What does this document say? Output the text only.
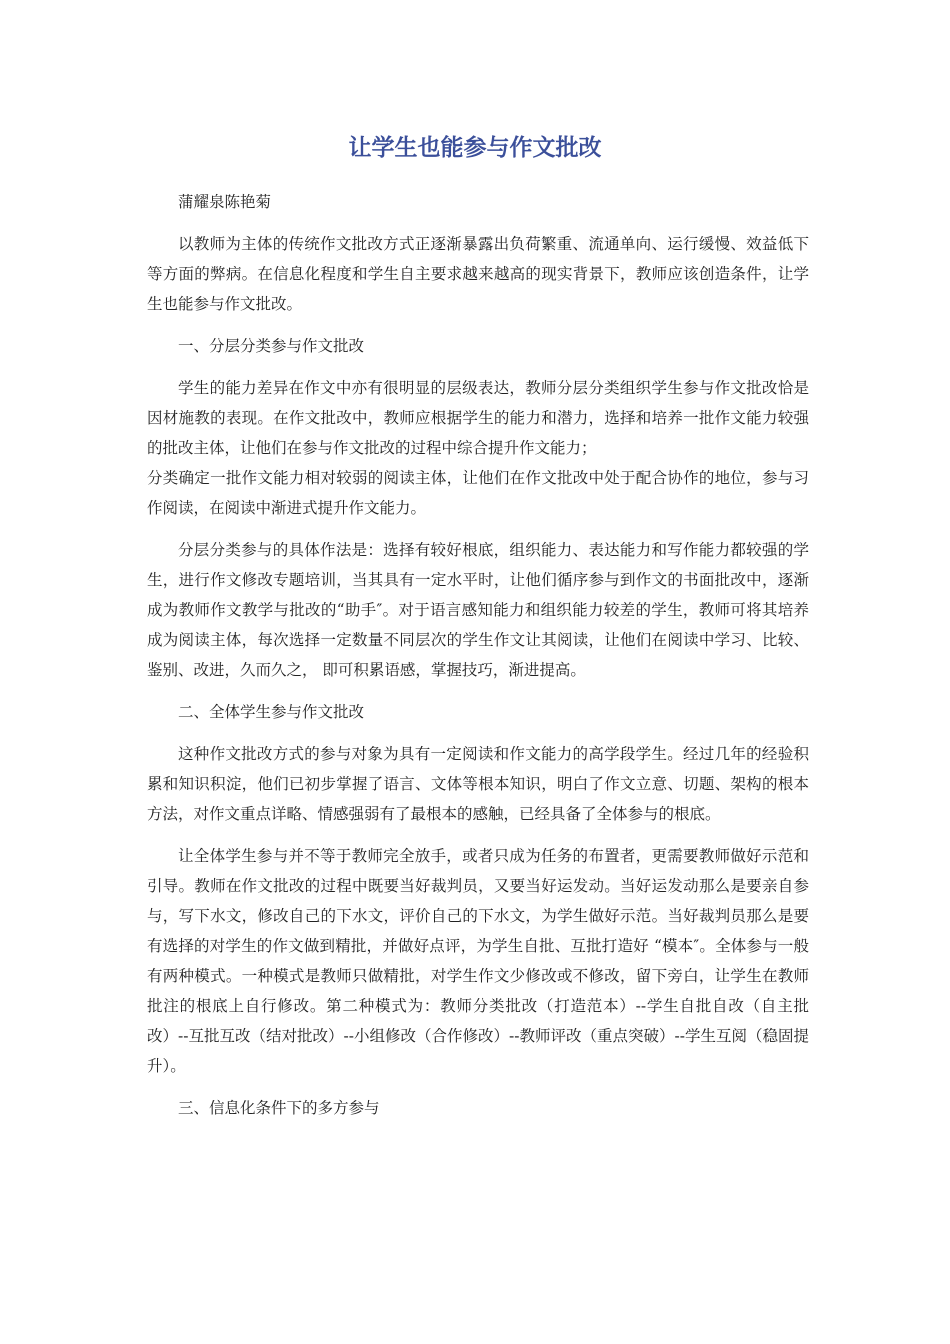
让学生也能参与作文批改

蒲耀泉陈艳菊

以教师为主体的传统作文批改方式正逐渐暴露出负荷繁重、流通单向、运行缓慢、效益低下等方面的弊病。在信息化程度和学生自主要求越来越高的现实背景下，教师应该创造条件，让学生也能参与作文批改。

一、分层分类参与作文批改

学生的能力差异在作文中亦有很明显的层级表达，教师分层分类组织学生参与作文批改恰是因材施教的表现。在作文批改中，教师应根据学生的能力和潜力，选择和培养一批作文能力较强的批改主体，让他们在参与作文批改的过程中综合提升作文能力；

分类确定一批作文能力相对较弱的阅读主体，让他们在作文批改中处于配合协作的地位，参与习作阅读，在阅读中渐进式提升作文能力。

分层分类参与的具体作法是：选择有较好根底，组织能力、表达能力和写作能力都较强的学生，进行作文修改专题培训，当其具有一定水平时，让他们循序参与到作文的书面批改中，逐渐成为教师作文教学与批改的“助手″。对于语言感知能力和组织能力较差的学生，教师可将其培养成为阅读主体，每次选择一定数量不同层次的学生作文让其阅读，让他们在阅读中学习、比较、鉴别、改进，久而久之， 即可积累语感，掌握技巧，渐进提高。

二、全体学生参与作文批改

这种作文批改方式的参与对象为具有一定阅读和作文能力的高学段学生。经过几年的经验积累和知识积淀，他们已初步掌握了语言、文体等根本知识，明白了作文立意、切题、架构的根本方法，对作文重点详略、情感强弱有了最根本的感触，已经具备了全体参与的根底。

让全体学生参与并不等于教师完全放手，或者只成为任务的布置者，更需要教师做好示范和引导。教师在作文批改的过程中既要当好裁判员，又要当好运发动。当好运发动那么是要亲自参与，写下水文，修改自己的下水文，评价自己的下水文，为学生做好示范。当好裁判员那么是要有选择的对学生的作文做到精批，并做好点评，为学生自批、互批打造好 “模本″。全体参与一般有两种模式。一种模式是教师只做精批，对学生作文少修改或不修改，留下旁白，让学生在教师批注的根底上自行修改。第二种模式为：教师分类批改（打造范本）--学生自批自改（自主批改）--互批互改（结对批改）--小组修改（合作修改）--教师评改（重点突破）--学生互阅（稳固提升）。

三、信息化条件下的多方参与
